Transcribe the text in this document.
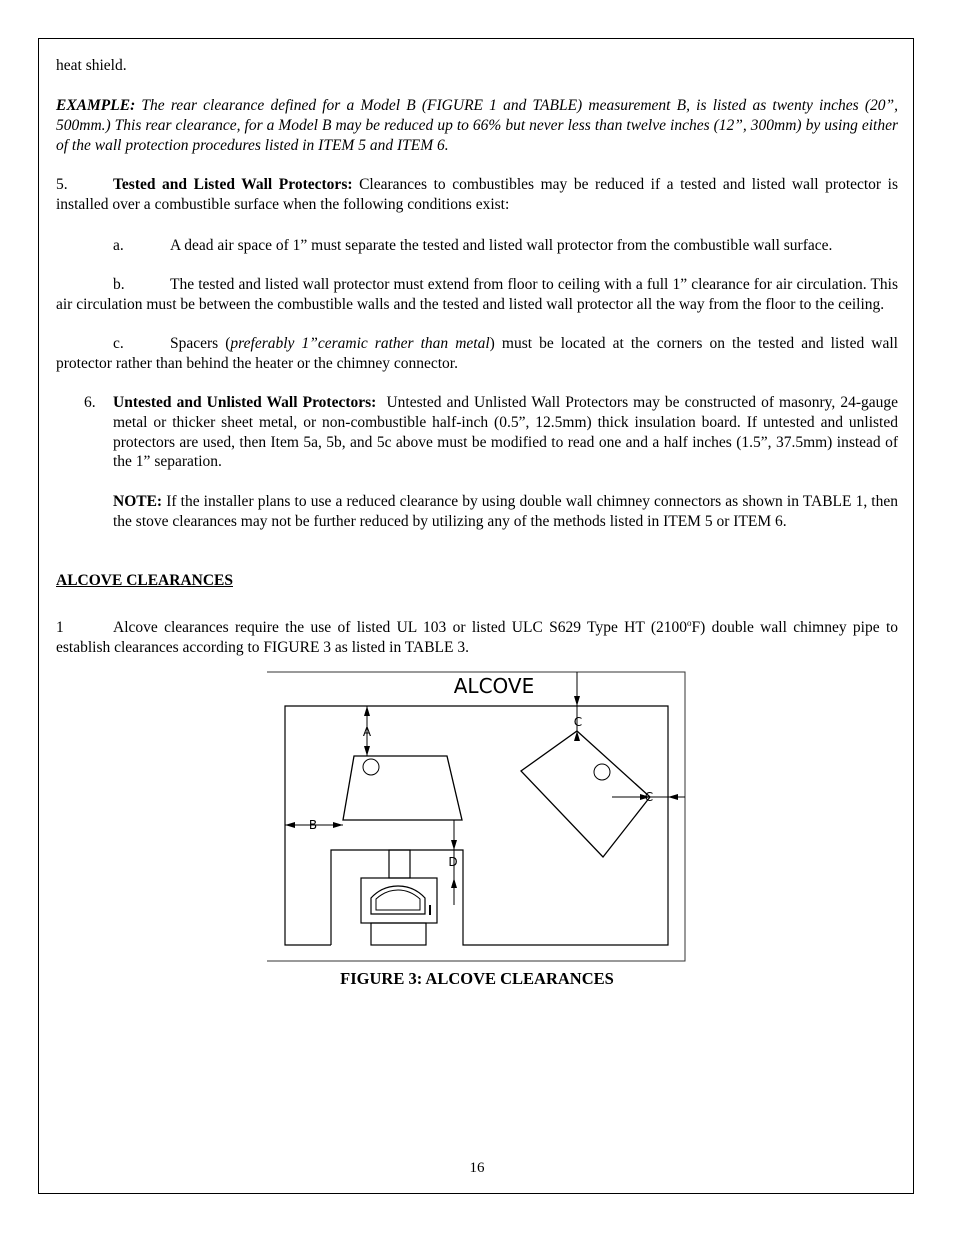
heat shield.

EXAMPLE: The rear clearance defined for a Model B (FIGURE 1 and TABLE) measurement B, is listed as twenty inches (20”, 500mm.) This rear clearance, for a Model B may be reduced up to 66% but never less than twelve inches (12”, 300mm) by using either of the wall protection procedures listed in ITEM 5 and ITEM 6.

5.	Tested and Listed Wall Protectors: Clearances to combustibles may be reduced if a tested and listed wall protector is installed over a combustible surface when the following conditions exist:

a.	A dead air space of 1” must separate the tested and listed wall protector from the combustible wall surface.

b.	The tested and listed wall protector must extend from floor to ceiling with a full 1” clearance for air circulation. This air circulation must be between the combustible walls and the tested and listed wall protector all the way from the floor to the ceiling.

c.	Spacers (preferably 1”ceramic rather than metal) must be located at the corners on the tested and listed wall protector rather than behind the heater or the chimney connector.

6. Untested and Unlisted Wall Protectors: Untested and Unlisted Wall Protectors may be constructed of masonry, 24-gauge metal or thicker sheet metal, or non-combustible half-inch (0.5”, 12.5mm) thick insulation board. If untested and unlisted protectors are used, then Item 5a, 5b, and 5c above must be modified to read one and a half inches (1.5”, 37.5mm) instead of the 1” separation.

NOTE: If the installer plans to use a reduced clearance by using double wall chimney connectors as shown in TABLE 1, then the stove clearances may not be further reduced by utilizing any of the methods listed in ITEM 5 or ITEM 6.

ALCOVE CLEARANCES

1	Alcove clearances require the use of listed UL 103 or listed ULC S629 Type HT (2100$^o$F) double wall chimney pipe to establish clearances according to FIGURE 3 as listed in TABLE 3.

ALCOVE
A
B
C
C
D
FIGURE 3: ALCOVE CLEARANCES
16
